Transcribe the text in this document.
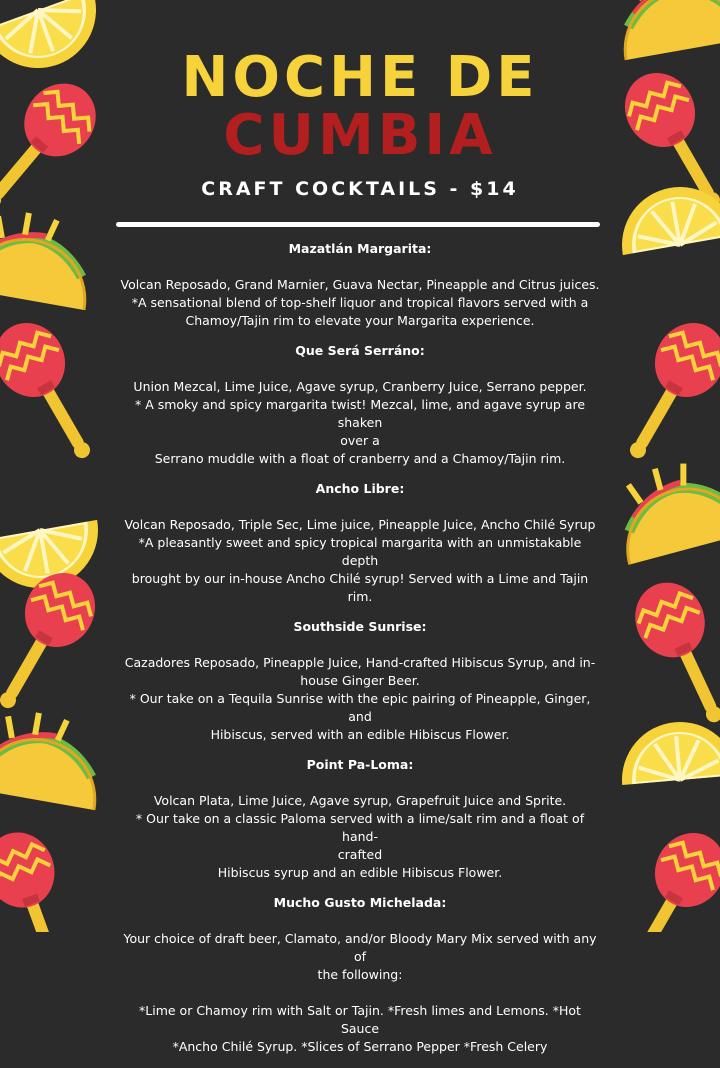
NOCHE DE
CUMBIA
CRAFT COCKTAILS - $14

Mazatlán Margarita:

Volcan Reposado, Grand Marnier, Guava Nectar, Pineapple and Citrus juices.

*A sensational blend of top-shelf liquor and tropical flavors served with a

Chamoy/Tajin rim to elevate your Margarita experience.

Que Será Serráno:

Union Mezcal, Lime Juice, Agave syrup, Cranberry Juice, Serrano pepper.

* A smoky and spicy margarita twist! Mezcal, lime, and agave syrup are shaken

over a

Serrano muddle with a float of cranberry and a Chamoy/Tajin rim.

Ancho Libre:

Volcan Reposado, Triple Sec, Lime juice, Pineapple Juice, Ancho Chilé Syrup

*A pleasantly sweet and spicy tropical margarita with an unmistakable depth

brought by our in-house Ancho Chilé syrup! Served with a Lime and Tajin rim.

Southside Sunrise:

Cazadores Reposado, Pineapple Juice, Hand-crafted Hibiscus Syrup, and in-

house Ginger Beer.

* Our take on a Tequila Sunrise with the epic pairing of Pineapple, Ginger, and

Hibiscus, served with an edible Hibiscus Flower.

Point Pa-Loma:

Volcan Plata, Lime Juice, Agave syrup, Grapefruit Juice and Sprite.

* Our take on a classic Paloma served with a lime/salt rim and a float of hand-

crafted

Hibiscus syrup and an edible Hibiscus Flower.

Mucho Gusto Michelada:

Your choice of draft beer, Clamato, and/or Bloody Mary Mix served with any of

the following:

*Lime or Chamoy rim with Salt or Tajin. *Fresh limes and Lemons. *Hot Sauce

*Ancho Chilé Syrup. *Slices of Serrano Pepper *Fresh Celery
